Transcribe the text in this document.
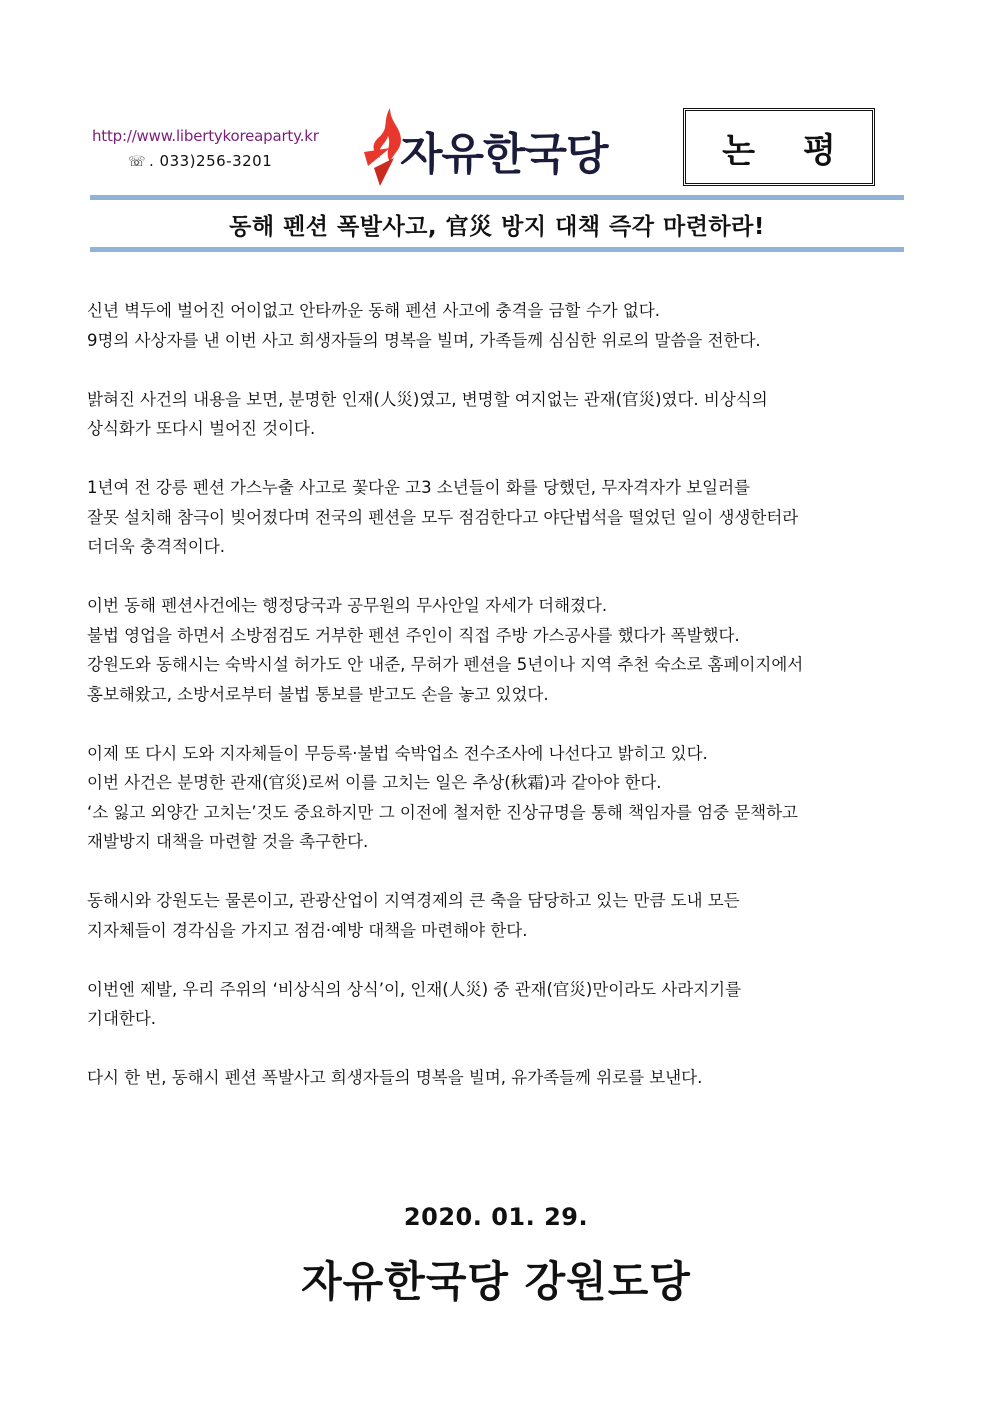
http://www.libertykoreaparty.kr
☏ . 033)256-3201	자유한국당	논평
동해 펜션 폭발사고, 官災 방지 대책 즉각 마련하라!
신년 벽두에 벌어진 어이없고 안타까운 동해 펜션 사고에 충격을 금할 수가 없다.
9명의 사상자를 낸 이번 사고 희생자들의 명복을 빌며, 가족들께 심심한 위로의 말씀을 전한다.
밝혀진 사건의 내용을 보면, 분명한 인재(人災)였고, 변명할 여지없는 관재(官災)였다. 비상식의
상식화가 또다시 벌어진 것이다.
1년여 전 강릉 펜션 가스누출 사고로 꽃다운 고3 소년들이 화를 당했던, 무자격자가 보일러를
잘못 설치해 참극이 빚어졌다며 전국의 펜션을 모두 점검한다고 야단법석을 떨었던 일이 생생한터라
더더욱 충격적이다.
이번 동해 펜션사건에는 행정당국과 공무원의 무사안일 자세가 더해졌다.
불법 영업을 하면서 소방점검도 거부한 펜션 주인이 직접 주방 가스공사를 했다가 폭발했다.
강원도와 동해시는 숙박시설 허가도 안 내준, 무허가 펜션을 5년이나 지역 추천 숙소로 홈페이지에서
홍보해왔고, 소방서로부터 불법 통보를 받고도 손을 놓고 있었다.
이제 또 다시 도와 지자체들이 무등록·불법 숙박업소 전수조사에 나선다고 밝히고 있다.
이번 사건은 분명한 관재(官災)로써 이를 고치는 일은 추상(秋霜)과 같아야 한다.
‘소 잃고 외양간 고치는’것도 중요하지만 그 이전에 철저한 진상규명을 통해 책임자를 엄중 문책하고
재발방지 대책을 마련할 것을 촉구한다.
동해시와 강원도는 물론이고, 관광산업이 지역경제의 큰 축을 담당하고 있는 만큼 도내 모든
지자체들이 경각심을 가지고 점검·예방 대책을 마련해야 한다.
이번엔 제발, 우리 주위의 ‘비상식의 상식’이, 인재(人災) 중 관재(官災)만이라도 사라지기를
기대한다.
다시 한 번, 동해시 펜션 폭발사고 희생자들의 명복을 빌며, 유가족들께 위로를 보낸다.
2020. 01. 29.
자유한국당 강원도당
